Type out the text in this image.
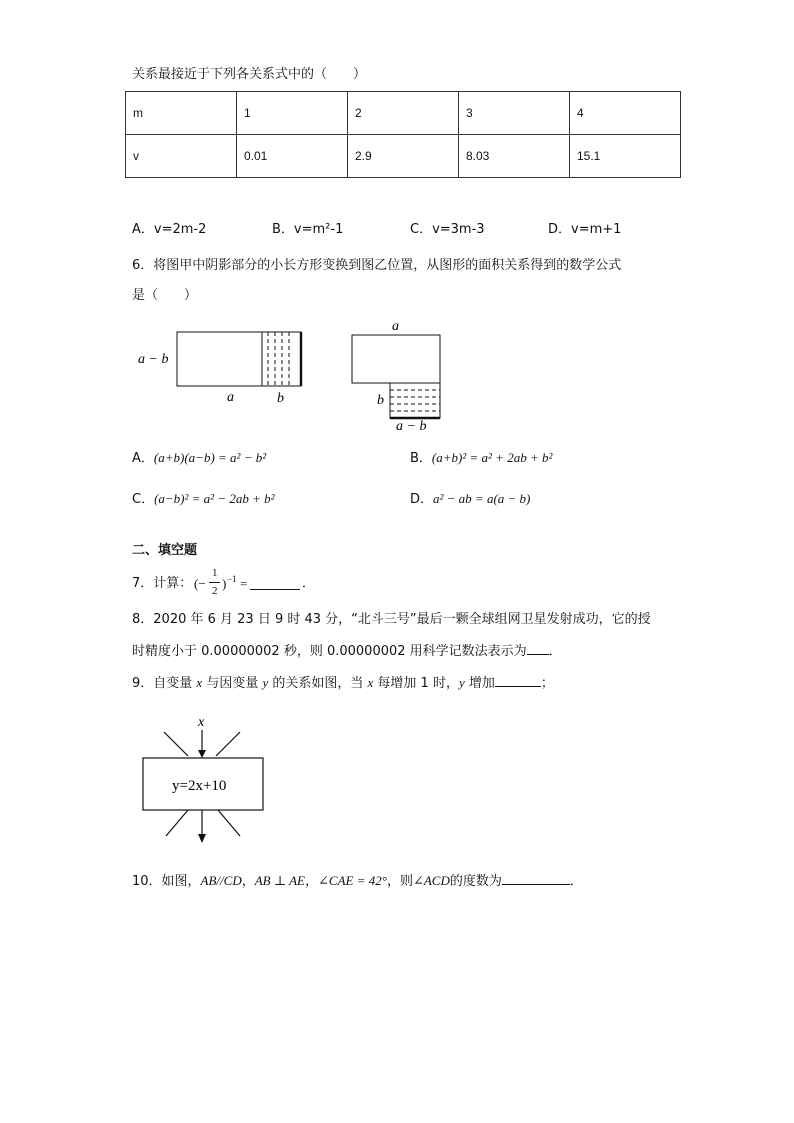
关系最接近于下列各关系式中的（　　）
m	1	2	3	4
v	0.01	2.9	8.03	15.1
A．v=2m-2	B．v=m²-1	C．v=3m-3	D．v=m+1
6．将图甲中阴影部分的小长方形变换到图乙位置，从图形的面积关系得到的数学公式
是（　　）
a − b
a	b
a
b
a − b
A．(a+b)(a−b) = a² − b²	B．(a+b)² = a² + 2ab + b²
C．(a−b)² = a² − 2ab + b²	D．a² − ab = a(a − b)
二、填空题
7．计算： (−
1
2 ) −1 =	．
8．2020 年 6 月 23 日 9 时 43 分，“北斗三号”最后一颗全球组网卫星发射成功，它的授
时精度小于 0.00000002 秒，则 0.00000002 用科学记数法表示为 ．
9．自变量 x 与因变量 y 的关系如图，当 x 每增加 1 时，y 增加	；
x
y=2x+10
10．如图，AB//CD，AB ⊥ AE，∠CAE = 42°，则∠ACD的度数为	．
